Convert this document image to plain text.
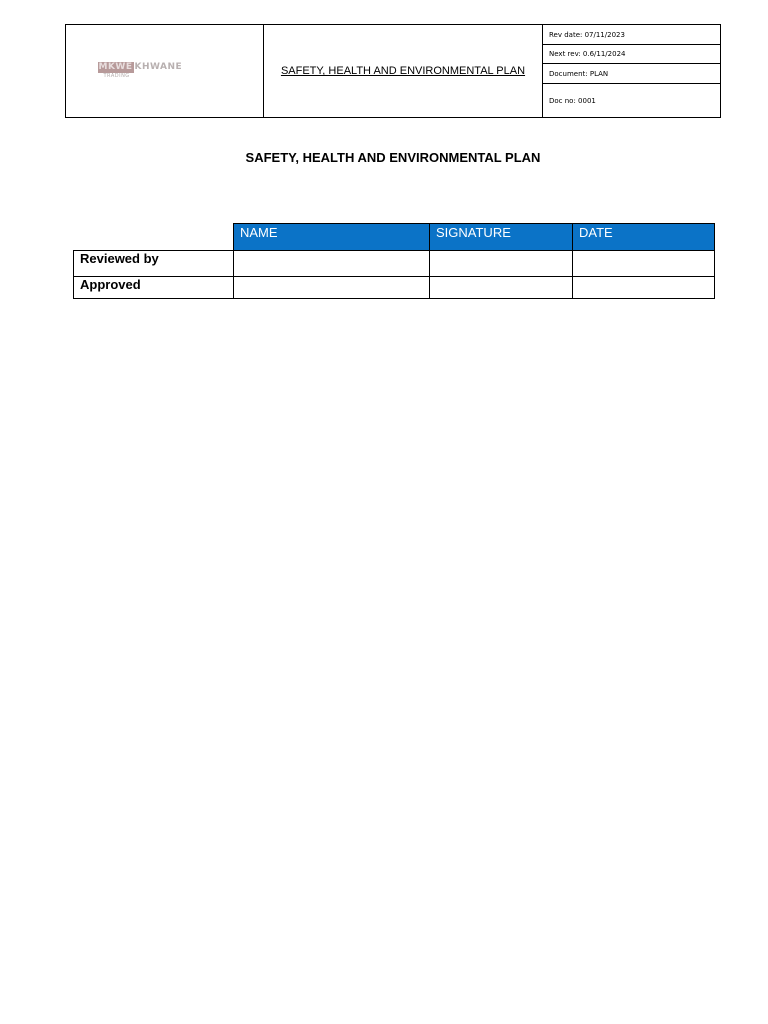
MKWE KHWANE
TRADING	SAFETY, HEALTH AND ENVIRONMENTAL PLAN
Rev date: 07/11/2023
Next rev: 0.6/11/2024
Document: PLAN
Doc no: 0001
SAFETY, HEALTH AND ENVIRONMENTAL PLAN
	NAME	SIGNATURE	DATE
Reviewed by			
Approved			
